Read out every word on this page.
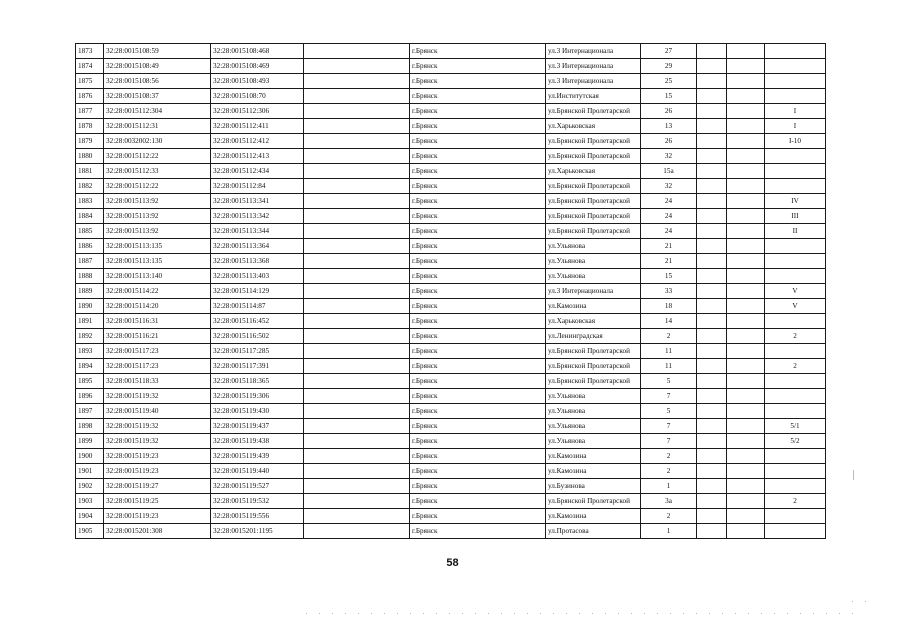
1873	32:28:0015108:59	32:28:0015108:468		г.Брянск	ул.3 Интернационала	27			
1874	32:28:0015108:49	32:28:0015108:469		г.Брянск	ул.3 Интернационала	29			
1875	32:28:0015108:56	32:28:0015108:493		г.Брянск	ул.3 Интернационала	25			
1876	32:28:0015108:37	32:28:0015108:70		г.Брянск	ул.Институтская	15			
1877	32:28:0015112:304	32:28:0015112:306		г.Брянск	ул.Брянской Пролетарской	26			I
1878	32:28:0015112:31	32:28:0015112:411		г.Брянск	ул.Харьковская	13			I
1879	32:28:0032002:130	32:28:0015112:412		г.Брянск	ул.Брянской Пролетарской	26			I-10
1880	32:28:0015112:22	32:28:0015112:413		г.Брянск	ул.Брянской Пролетарской	32			
1881	32:28:0015112:33	32:28:0015112:434		г.Брянск	ул.Харьковская	15а			
1882	32:28:0015112:22	32:28:0015112:84		г.Брянск	ул.Брянской Пролетарской	32			
1883	32:28:0015113:92	32:28:0015113:341		г.Брянск	ул.Брянской Пролетарской	24			IV
1884	32:28:0015113:92	32:28:0015113:342		г.Брянск	ул.Брянской Пролетарской	24			III
1885	32:28:0015113:92	32:28:0015113:344		г.Брянск	ул.Брянской Пролетарской	24			II
1886	32:28:0015113:135	32:28:0015113:364		г.Брянск	ул.Ульянова	21			
1887	32:28:0015113:135	32:28:0015113:368		г.Брянск	ул.Ульянова	21			
1888	32:28:0015113:140	32:28:0015113:403		г.Брянск	ул.Ульянова	15			
1889	32:28:0015114:22	32:28:0015114:129		г.Брянск	ул.3 Интернационала	33			V
1890	32:28:0015114:20	32:28:0015114:87		г.Брянск	ул.Камозина	18			V
1891	32:28:0015116:31	32:28:0015116:452		г.Брянск	ул.Харьковская	14			
1892	32:28:0015116:21	32:28:0015116:502		г.Брянск	ул.Ленинградская	2			2
1893	32:28:0015117:23	32:28:0015117:285		г.Брянск	ул.Брянской Пролетарской	11			
1894	32:28:0015117:23	32:28:0015117:391		г.Брянск	ул.Брянской Пролетарской	11			2
1895	32:28:0015118:33	32:28:0015118:365		г.Брянск	ул.Брянской Пролетарской	5			
1896	32:28:0015119:32	32:28:0015119:306		г.Брянск	ул.Ульянова	7			
1897	32:28:0015119:40	32:28:0015119:430		г.Брянск	ул.Ульянова	5			
1898	32:28:0015119:32	32:28:0015119:437		г.Брянск	ул.Ульянова	7			5/1
1899	32:28:0015119:32	32:28:0015119:438		г.Брянск	ул.Ульянова	7			5/2
1900	32:28:0015119:23	32:28:0015119:439		г.Брянск	ул.Камозина	2			
1901	32:28:0015119:23	32:28:0015119:440		г.Брянск	ул.Камозина	2			
1902	32:28:0015119:27	32:28:0015119:527		г.Брянск	ул.Бузинова	1			
1903	32:28:0015119:25	32:28:0015119:532		г.Брянск	ул.Брянской Пролетарской	3а			2
1904	32:28:0015119:23	32:28:0015119:556		г.Брянск	ул.Камозина	2			
1905	32:28:0015201:308	32:28:0015201:1195		г.Брянск	ул.Протасова	1			
58
